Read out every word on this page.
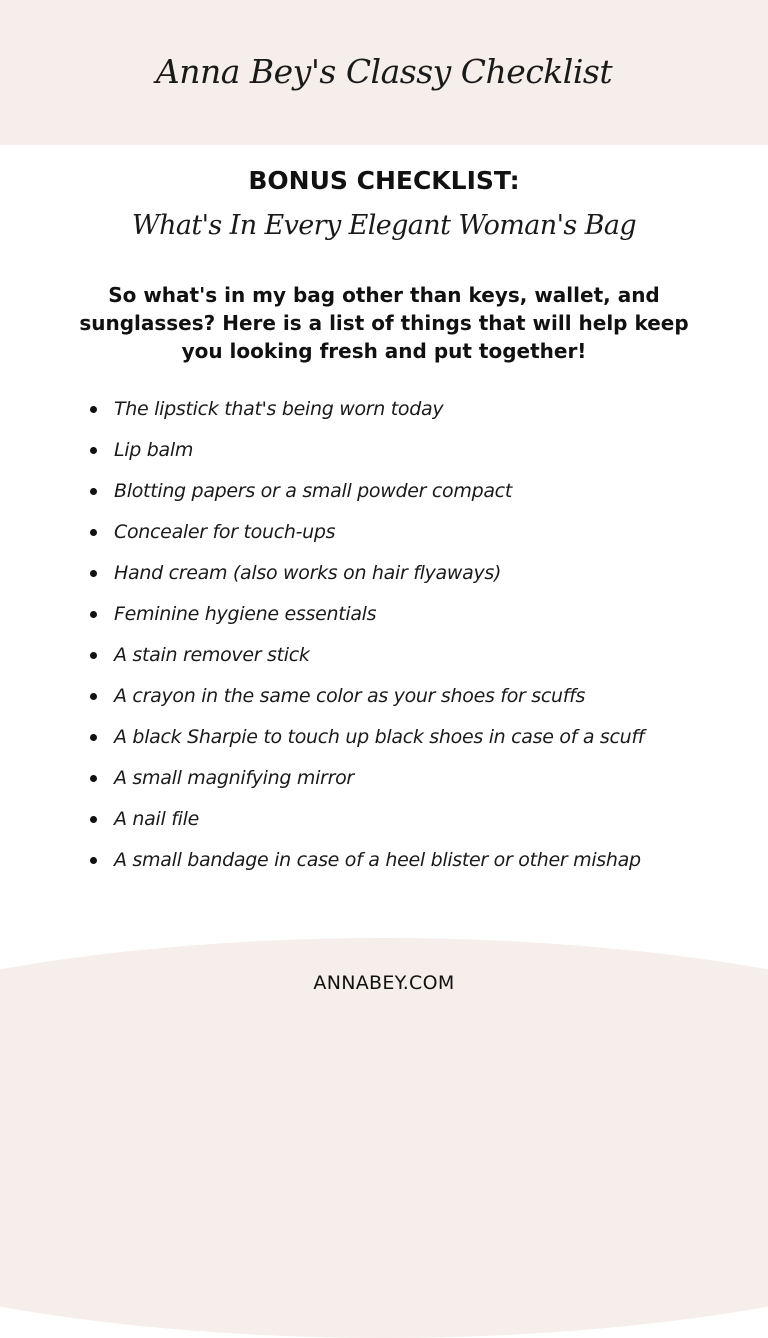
Anna Bey's Classy Checklist
BONUS CHECKLIST:
What's In Every Elegant Woman's Bag
So what's in my bag other than keys, wallet, and sunglasses? Here is a list of things that will help keep you looking fresh and put together!
The lipstick that's being worn today
Lip balm
Blotting papers or a small powder compact
Concealer for touch-ups
Hand cream (also works on hair flyaways)
Feminine hygiene essentials
A stain remover stick
A crayon in the same color as your shoes for scuffs
A black Sharpie to touch up black shoes in case of a scuff
A small magnifying mirror
A nail file
A small bandage in case of a heel blister or other mishap
ANNABEY.COM
